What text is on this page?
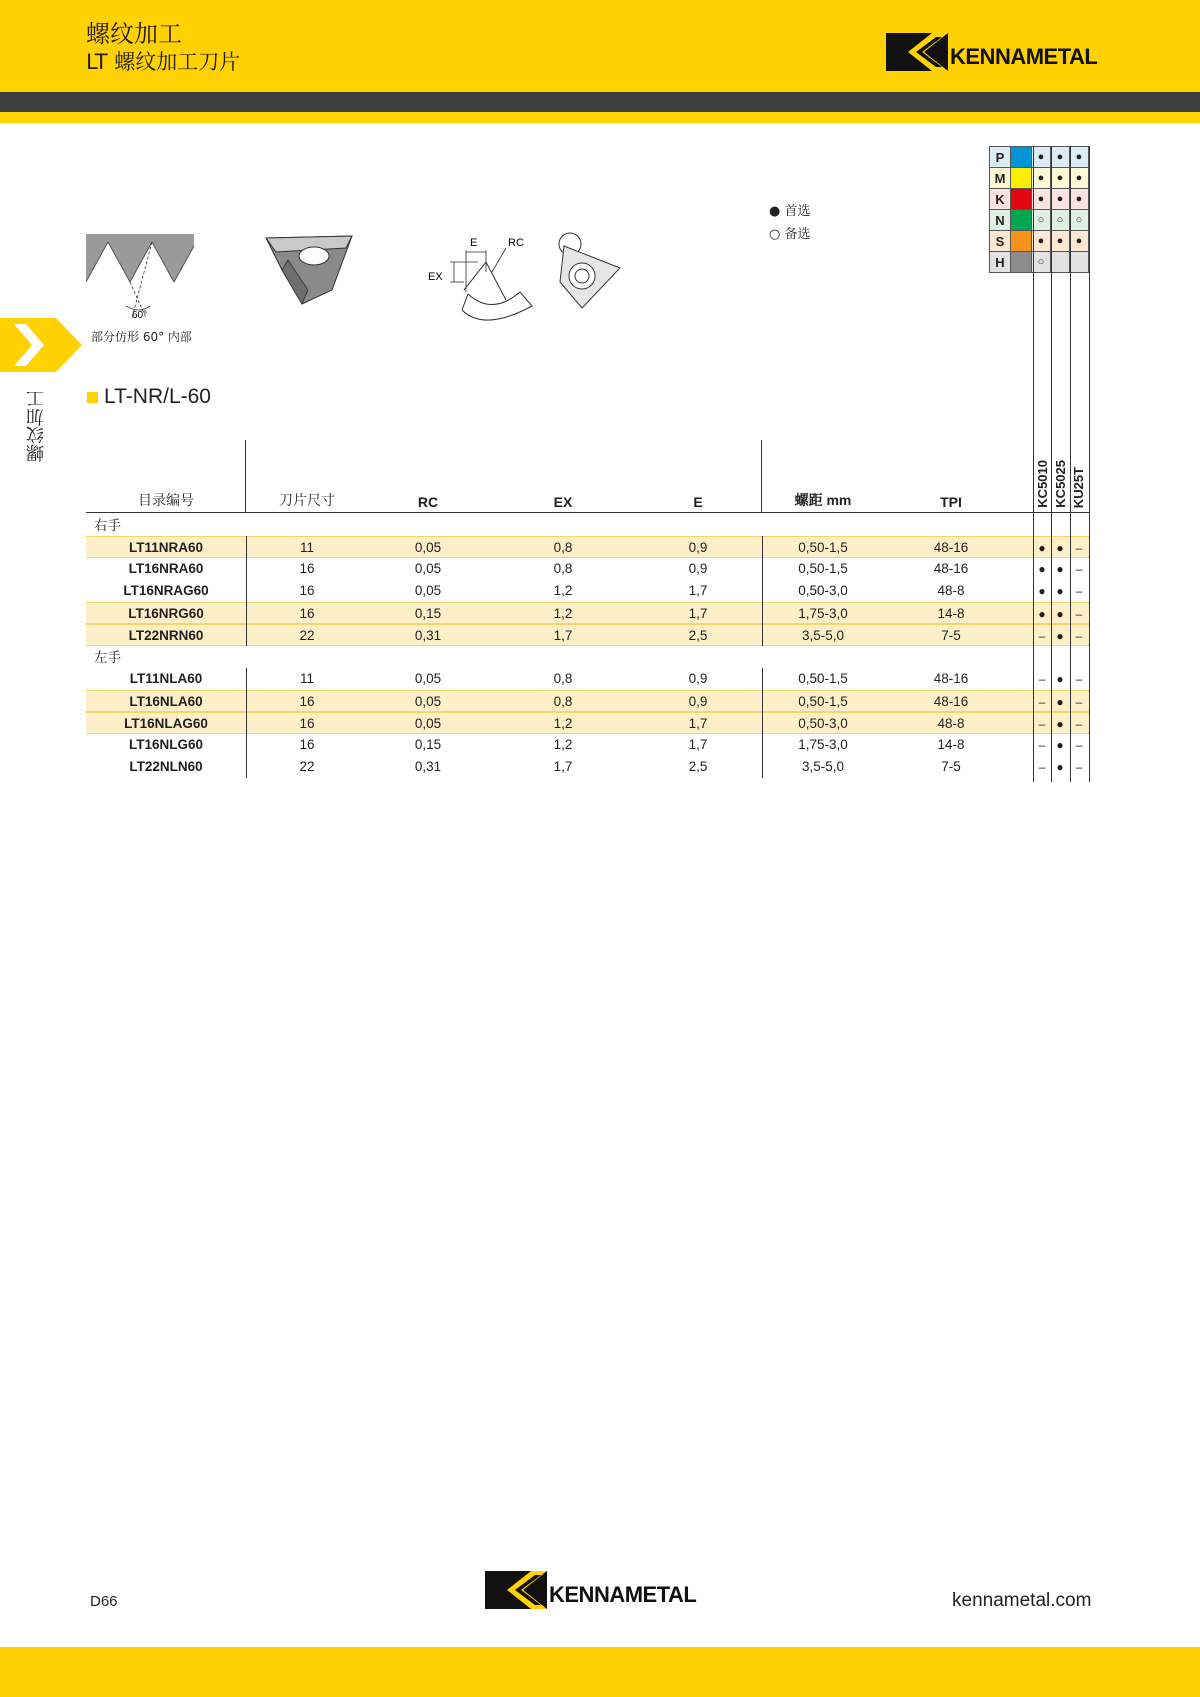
螺纹加工
LT 螺纹加工刀片	KENNAMETAL
螺纹加工
60°
部分仿形 60° 内部
E	RC
EX
● 首选
○ 备选
P		●	●	●
M		●	●	●
K		●	●	●
N		○	○	○
S		●	●	●
H		○		
LT-NR/L-60
目录编号	刀片尺寸	RC	EX	E	螺距 mm	TPI	KC5010 KC5025 KU25T
右手
LT11NRA60	11	0,05	0,8	0,9	0,50-1,5	48-16	● ●	–
LT16NRA60	16	0,05	0,8	0,9	0,50-1,5	48-16	● ●	–
LT16NRAG60	16	0,05	1,2	1,7	0,50-3,0	48-8	● ●	–
LT16NRG60	16	0,15	1,2	1,7	1,75-3,0	14-8	● ●	–
LT22NRN60	22	0,31	1,7	2,5	3,5-5,0	7-5	– ●	–
左手
LT11NLA60	11	0,05	0,8	0,9	0,50-1,5	48-16	– ●	–
LT16NLA60	16	0,05	0,8	0,9	0,50-1,5	48-16	– ●	–
LT16NLAG60	16	0,05	1,2	1,7	0,50-3,0	48-8	– ●	–
LT16NLG60	16	0,15	1,2	1,7	1,75-3,0	14-8	– ●	–
LT22NLN60	22	0,31	1,7	2,5	3,5-5,0	7-5	– ●	–
D66	KENNAMETAL	kennametal.com
